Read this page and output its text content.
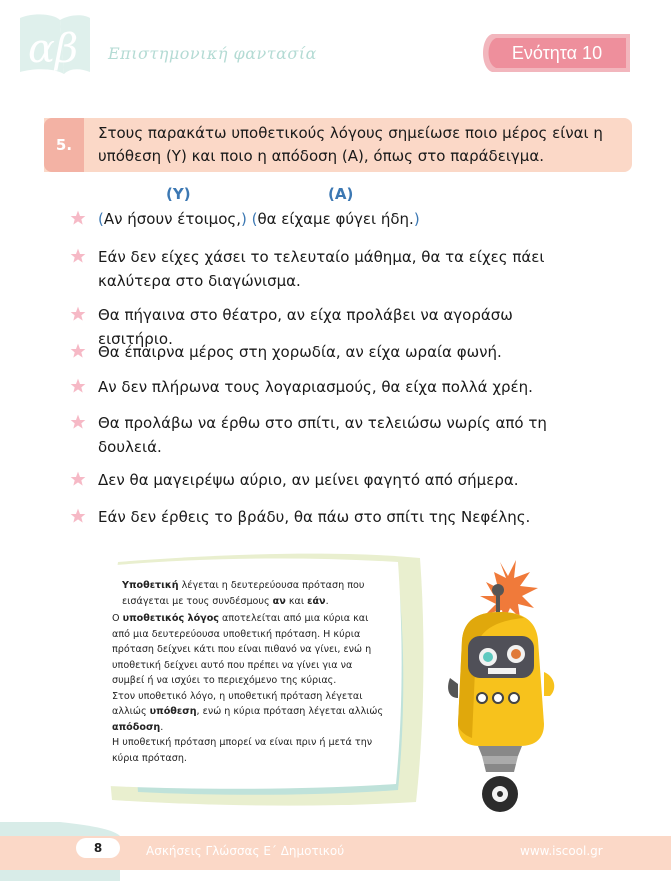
αβ Επιστημονική φαντασία	Ενότητα 10
5.
Στους παρακάτω υποθετικούς λόγους σημείωσε ποιο μέρος είναι η υπόθεση (Υ) και ποιο η απόδοση (Α), όπως στο παράδειγμα.
(Υ)	(Α)
(Αν ήσουν έτοιμος,) (θα είχαμε φύγει ήδη.)
Εάν δεν είχες χάσει το τελευταίο μάθημα, θα τα είχες πάει καλύτερα στο διαγώνισμα.
Θα πήγαινα στο θέατρο, αν είχα προλάβει να αγοράσω εισιτήριο.
Θα έπαιρνα μέρος στη χορωδία, αν είχα ωραία φωνή.
Αν δεν πλήρωνα τους λογαριασμούς, θα είχα πολλά χρέη.
Θα προλάβω να έρθω στο σπίτι, αν τελειώσω νωρίς από τη δουλειά.
Δεν θα μαγειρέψω αύριο, αν μείνει φαγητό από σήμερα.
Εάν δεν έρθεις το βράδυ, θα πάω στο σπίτι της Νεφέλης.

Υποθετική λέγεται η δευτερεύουσα πρόταση που εισάγεται με τους συνδέσμους αν και εάν.

Ο υποθετικός λόγος αποτελείται από μια κύρια και από μια δευτερεύουσα υποθετική πρόταση. Η κύρια πρόταση δείχνει κάτι που είναι πιθανό να γίνει, ενώ η υποθετική δείχνει αυτό που πρέπει να γίνει για να συμβεί ή να ισχύει το περιεχόμενο της κύριας.

Στον υποθετικό λόγο, η υποθετική πρόταση λέγεται αλλιώς υπόθεση, ενώ η κύρια πρόταση λέγεται αλλιώς απόδοση.

Η υποθετική πρόταση μπορεί να είναι πριν ή μετά την κύρια πρόταση.

8	Ασκήσεις Γλώσσας Ε΄ Δημοτικού	www.iscool.gr
